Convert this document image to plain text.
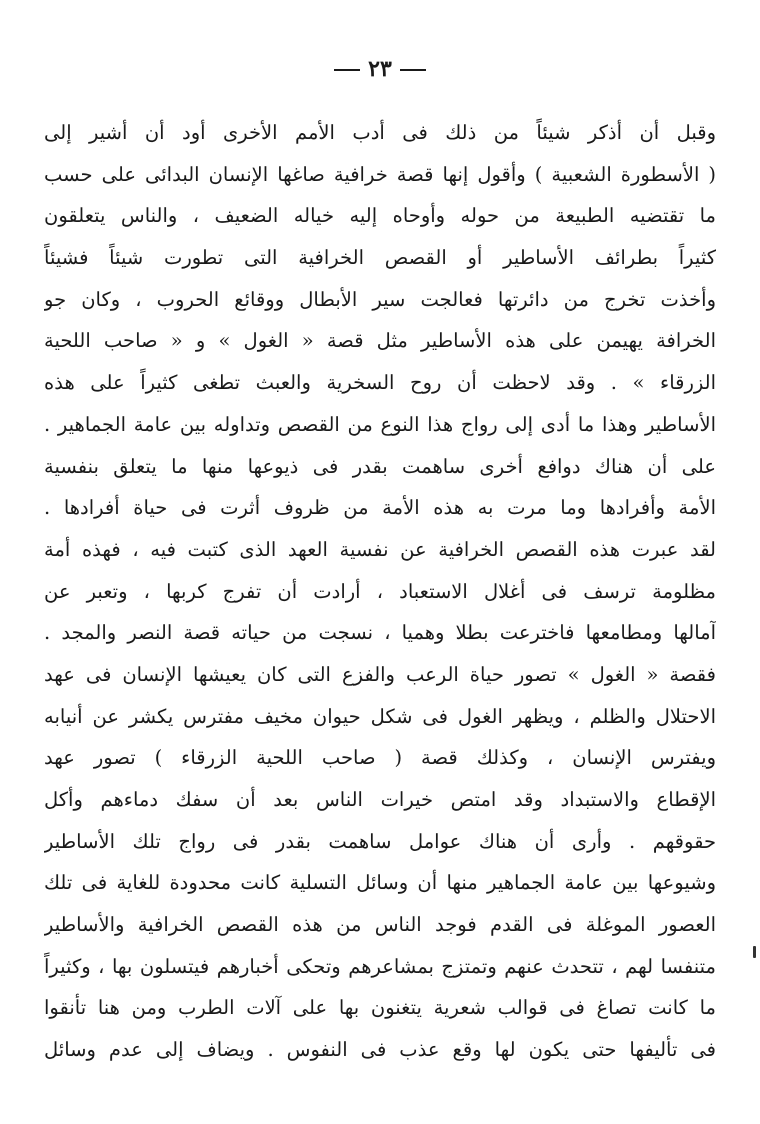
٢٣
وقبل أن أذكر شيئاً من ذلك فى أدب الأمم الأخرى أود أن أشير إلى
( الأسطورة الشعبية ) وأقول إنها قصة خرافية صاغها الإنسان البدائى على حسب
ما تقتضيه الطبيعة من حوله وأوحاه إليه خياله الضعيف ، والناس يتعلقون
كثيراً بطرائف الأساطير أو القصص الخرافية التى تطورت شيئاً فشيئاً
وأخذت تخرج من دائرتها فعالجت سير الأبطال ووقائع الحروب ، وكان جو
الخرافة يهيمن على هذه الأساطير مثل قصة « الغول » و « صاحب اللحية
الزرقاء » . وقد لاحظت أن روح السخرية والعبث تطغى كثيراً على هذه
الأساطير وهذا ما أدى إلى رواج هذا النوع من القصص وتداوله بين عامة الجماهير .
على أن هناك دوافع أخرى ساهمت بقدر فى ذيوعها منها ما يتعلق بنفسية
الأمة وأفرادها وما مرت به هذه الأمة من ظروف أثرت فى حياة أفرادها .
لقد عبرت هذه القصص الخرافية عن نفسية العهد الذى كتبت فيه ، فهذه أمة
مظلومة ترسف فى أغلال الاستعباد ، أرادت أن تفرج كربها ، وتعبر عن
آمالها ومطامعها فاخترعت بطلا وهميا ، نسجت من حياته قصة النصر والمجد .
فقصة « الغول » تصور حياة الرعب والفزع التى كان يعيشها الإنسان فى عهد
الاحتلال والظلم ، ويظهر الغول فى شكل حيوان مخيف مفترس يكشر عن أنيابه
ويفترس الإنسان ، وكذلك قصة ( صاحب اللحية الزرقاء ) تصور عهد
الإقطاع والاستبداد وقد امتص خيرات الناس بعد أن سفك دماءهم وأكل
حقوقهم . وأرى أن هناك عوامل ساهمت بقدر فى رواج تلك الأساطير
وشيوعها بين عامة الجماهير منها أن وسائل التسلية كانت محدودة للغاية فى تلك
العصور الموغلة فى القدم فوجد الناس من هذه القصص الخرافية والأساطير
متنفسا لهم ، تتحدث عنهم وتمتزج بمشاعرهم وتحكى أخبارهم فيتسلون بها ، وكثيراً
ما كانت تصاغ فى قوالب شعرية يتغنون بها على آلات الطرب ومن هنا تأنقوا
فى تأليفها حتى يكون لها وقع عذب فى النفوس . ويضاف إلى عدم وسائل
